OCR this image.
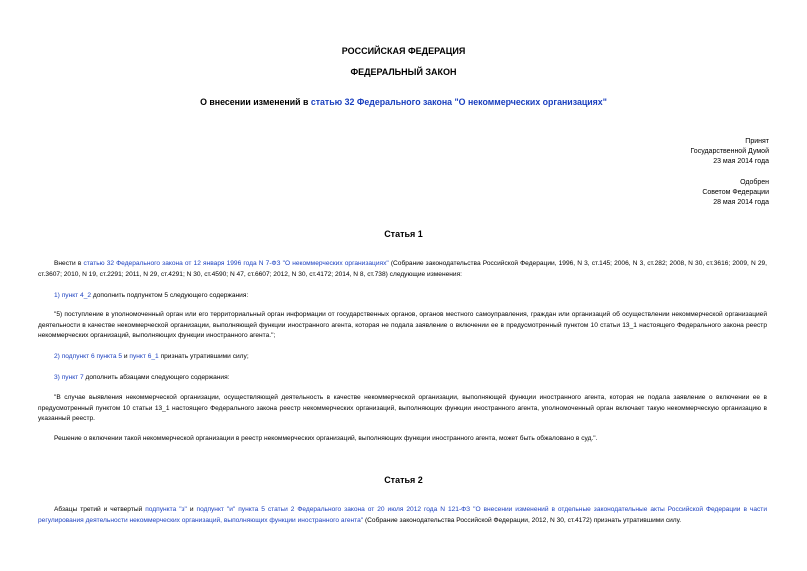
РОССИЙСКАЯ ФЕДЕРАЦИЯ
ФЕДЕРАЛЬНЫЙ ЗАКОН
О внесении изменений в статью 32 Федерального закона "О некоммерческих организациях"
Принят
Государственной Думой
23 мая 2014 года
Одобрен
Советом Федерации
28 мая 2014 года
Статья 1
Внести в статью 32 Федерального закона от 12 января 1996 года N 7-ФЗ "О некоммерческих организациях" (Собрание законодательства Российской Федерации, 1996, N 3, ст.145; 2006, N 3, ст.282; 2008, N 30, ст.3616; 2009, N 29, ст.3607; 2010, N 19, ст.2291; 2011, N 29, ст.4291; N 30, ст.4590; N 47, ст.6607; 2012, N 30, ст.4172; 2014, N 8, ст.738) следующие изменения:
1) пункт 4_2 дополнить подпунктом 5 следующего содержания:
"5) поступление в уполномоченный орган или его территориальный орган информации от государственных органов, органов местного самоуправления, граждан или организаций об осуществлении некоммерческой организацией деятельности в качестве некоммерческой организации, выполняющей функции иностранного агента, которая не подала заявление о включении ее в предусмотренный пунктом 10 статьи 13_1 настоящего Федерального закона реестр некоммерческих организаций, выполняющих функции иностранного агента.";
2) подпункт 6 пункта 5 и пункт 6_1 признать утратившими силу;
3) пункт 7 дополнить абзацами следующего содержания:
"В случае выявления некоммерческой организации, осуществляющей деятельность в качестве некоммерческой организации, выполняющей функции иностранного агента, которая не подала заявление о включении ее в предусмотренный пунктом 10 статьи 13_1 настоящего Федерального закона реестр некоммерческих организаций, выполняющих функции иностранного агента, уполномоченный орган включает такую некоммерческую организацию в указанный реестр.
Решение о включении такой некоммерческой организации в реестр некоммерческих организаций, выполняющих функции иностранного агента, может быть обжаловано в суд.".
Статья 2
Абзацы третий и четвертый подпункта "з" и подпункт "и" пункта 5 статьи 2 Федерального закона от 20 июля 2012 года N 121-ФЗ "О внесении изменений в отдельные законодательные акты Российской Федерации в части регулирования деятельности некоммерческих организаций, выполняющих функции иностранного агента" (Собрание законодательства Российской Федерации, 2012, N 30, ст.4172) признать утратившими силу.
